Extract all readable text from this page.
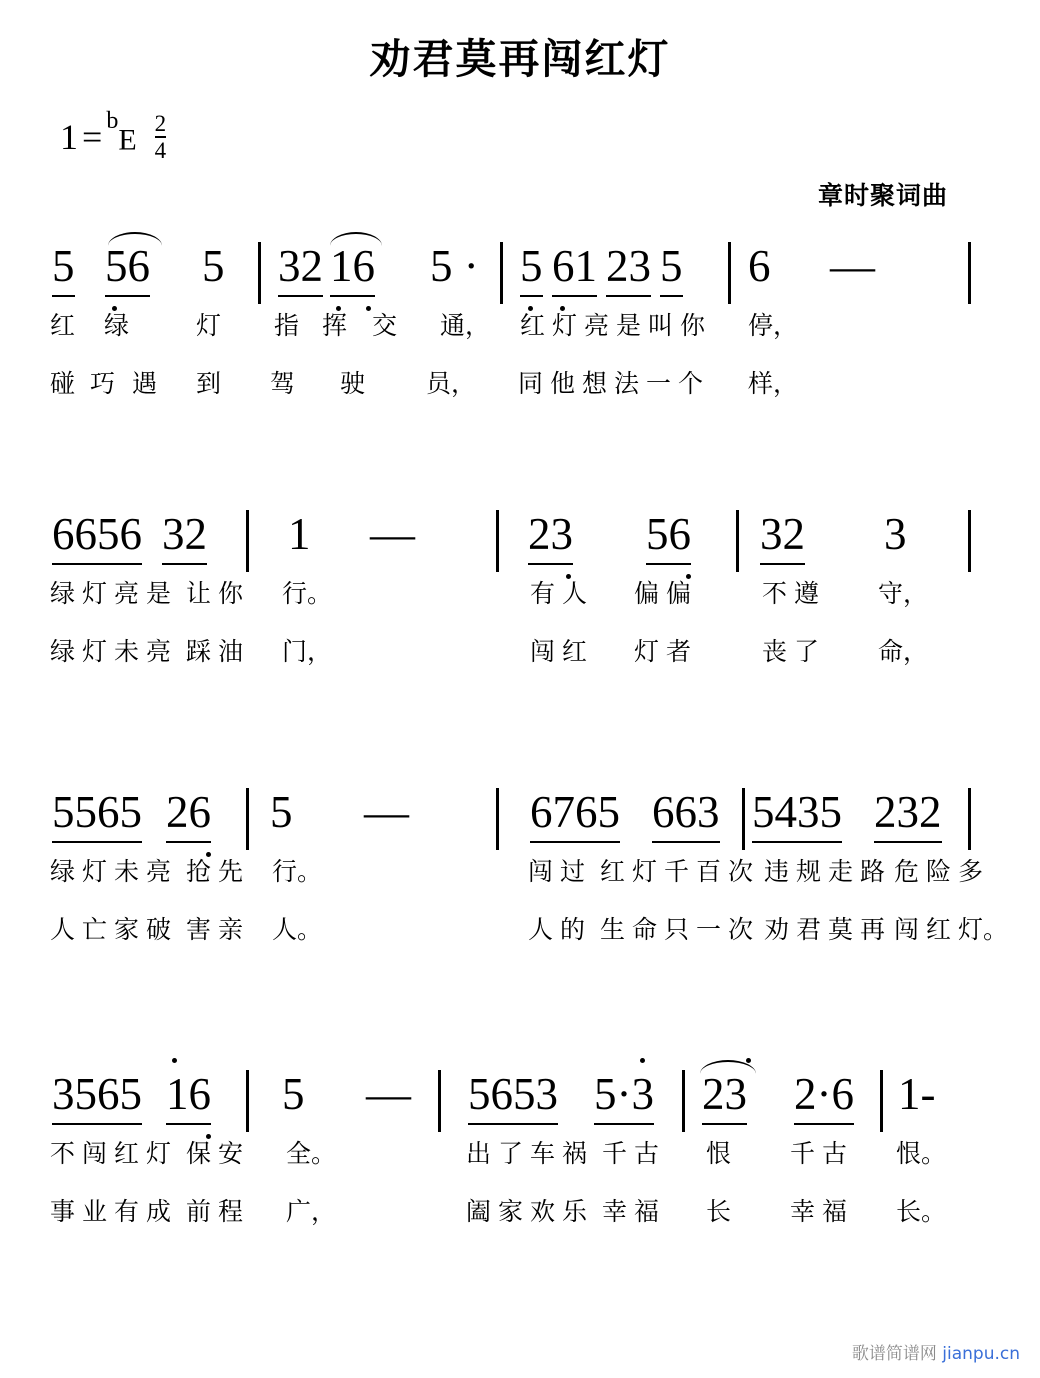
劝君莫再闯红灯
$1 = ^bE \frac{2}{4}$
章时聚词曲
5 56 5 32 16 5 · 5 61 23 5 6 —
红 绿	灯 指 挥 交 通， 红 灯 亮 是 叫 你 停，
碰 巧 遇 到 驾 驶 员， 同 他 想 法 一 个 样，
6656 32 1 —	23 56 32 3
绿 灯 亮 是 让 你 行。	有 人 偏 偏	不 遵 守，
绿 灯 未 亮 踩 油 门，	闯 红 灯 者	丧 了 命，
5565 26 5 —	6765 663 5435 232
绿 灯 未 亮 抢 先 行。	闯 过 红 灯 千 百 次 违 规 走 路 危 险 多
人 亡 家 破 害 亲 人。	人 的 生 命 只 一 次 劝 君 莫 再 闯 红 灯。
3565 16 5 — 5653 5·3 23 2·6 1-
不 闯 红 灯 保 安 全。	出 了 车 祸 千 古 恨 千 古 恨。
事 业 有 成 前 程 广，	阖 家 欢 乐 幸 福 长 幸 福 长。
歌谱简谱网 jianpu.cn
